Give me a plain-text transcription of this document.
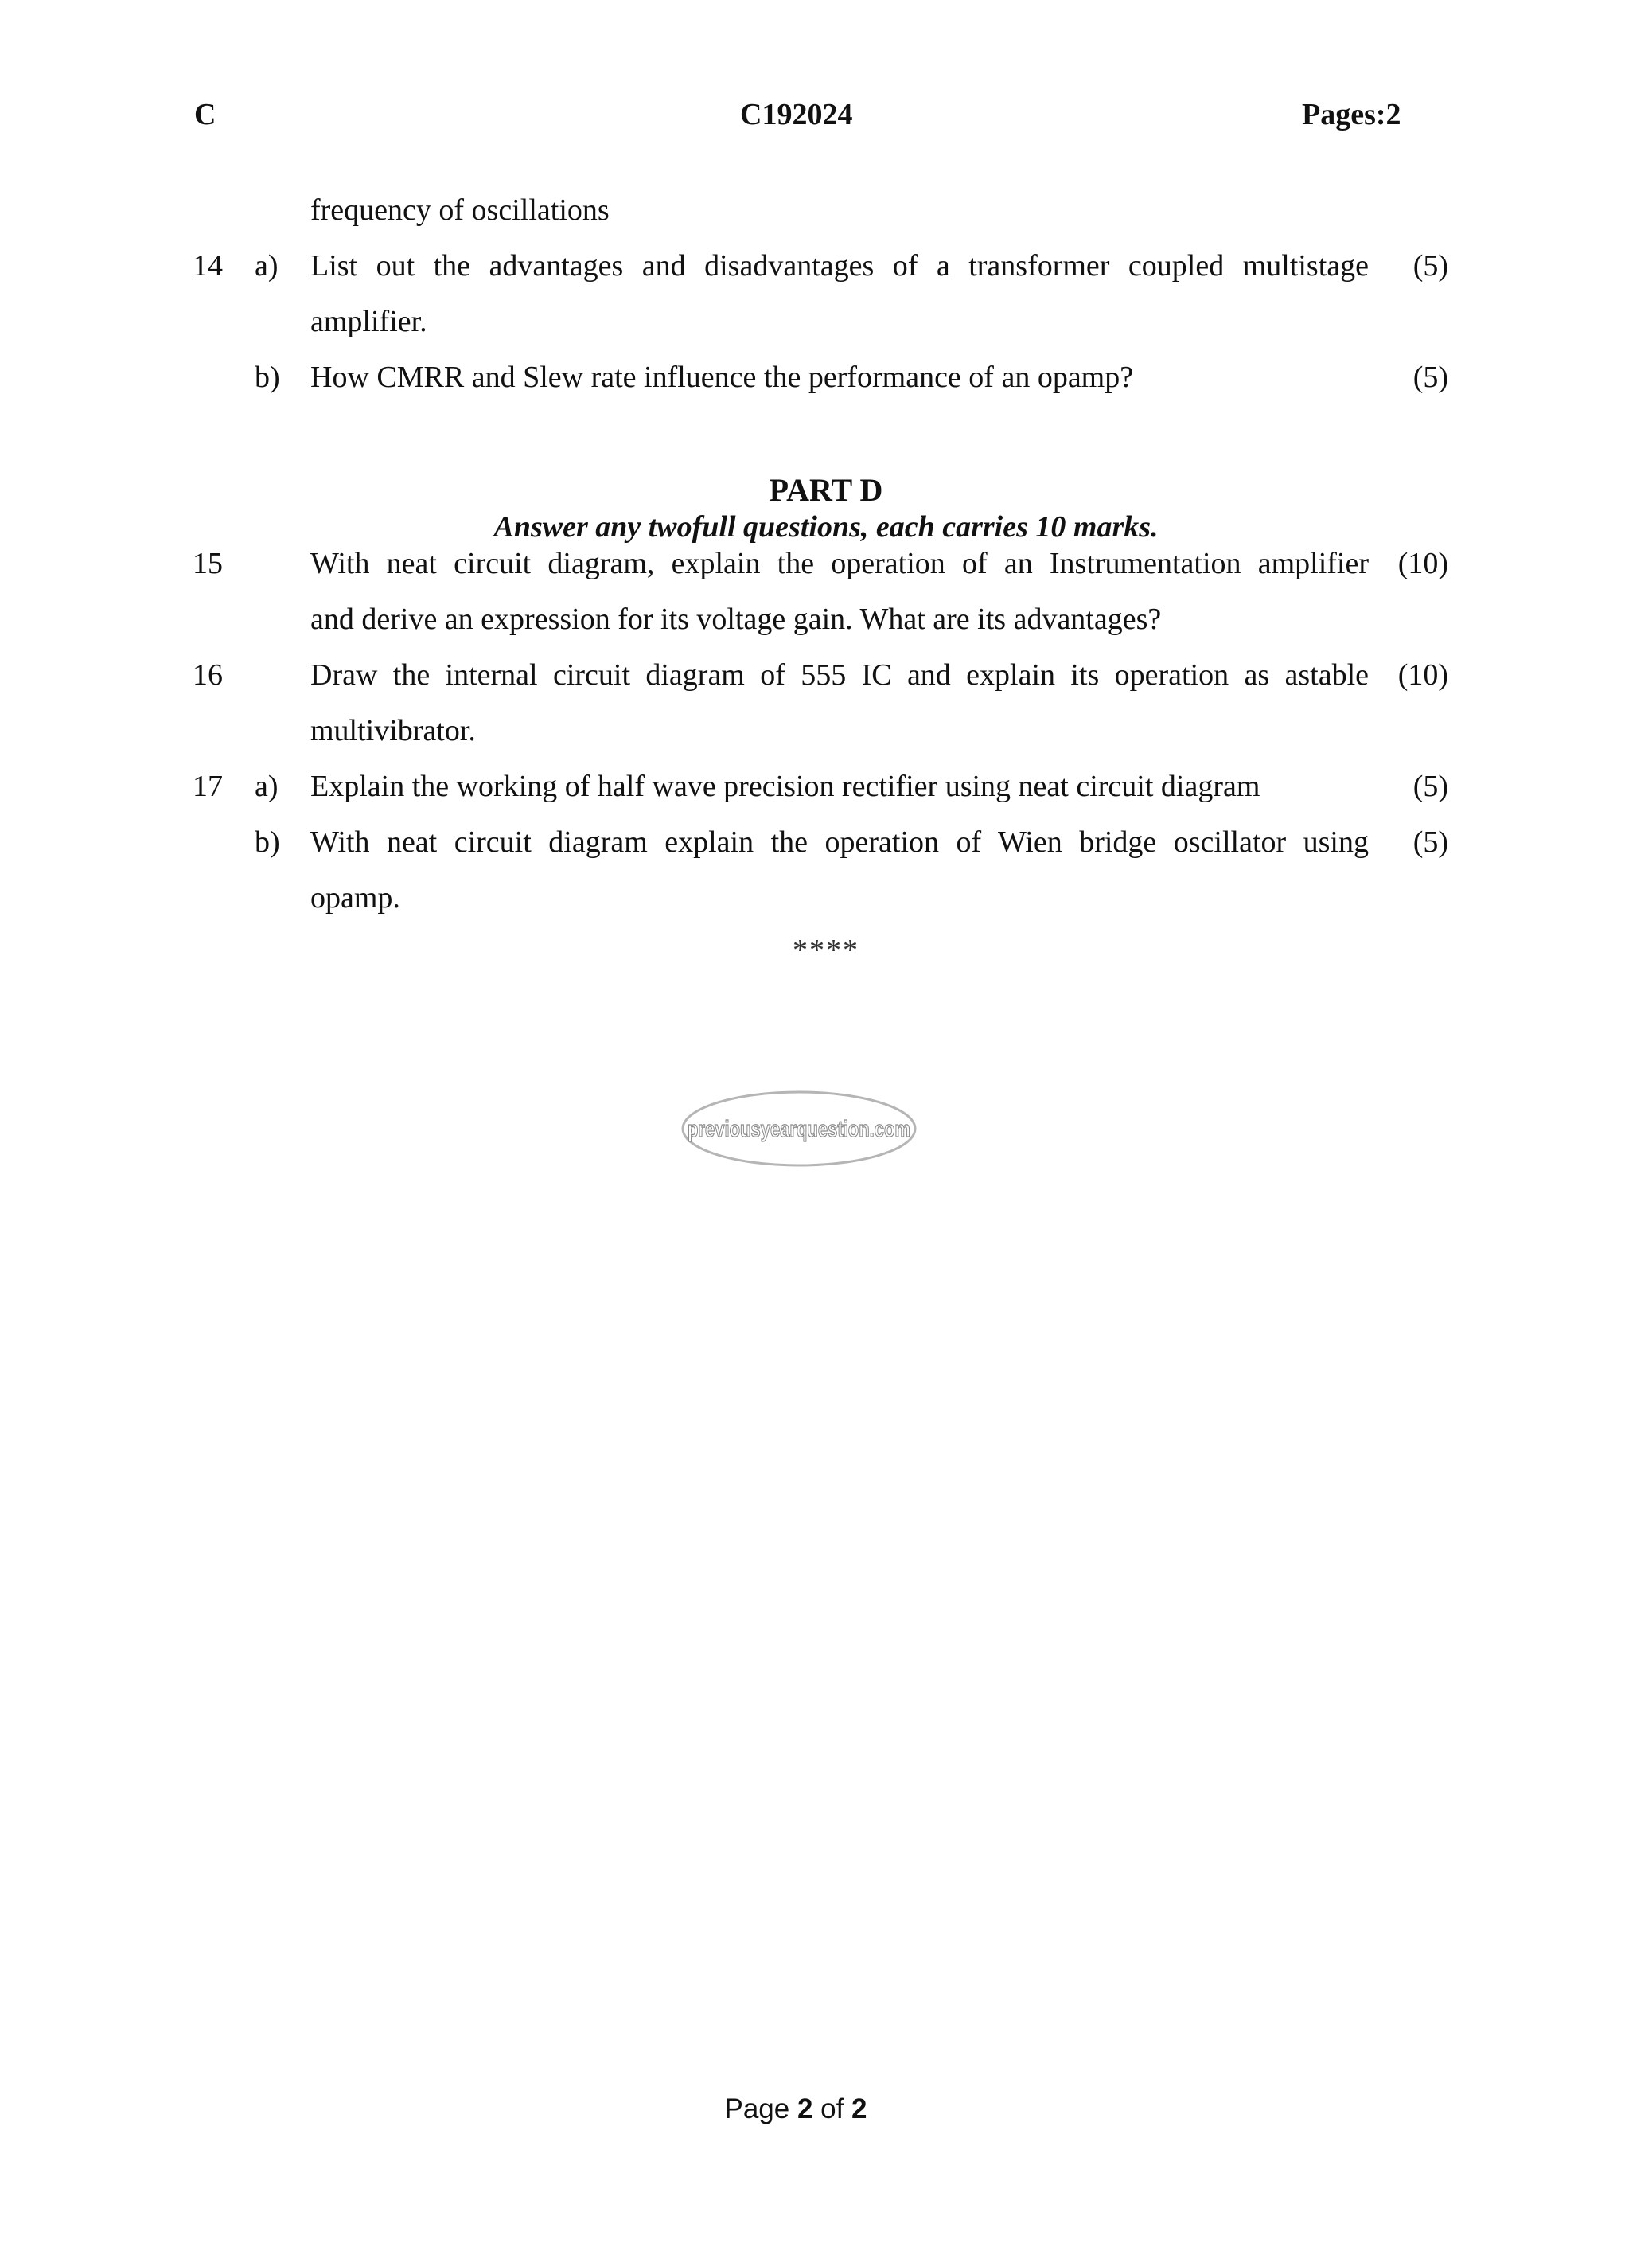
C	C192024	Pages:2
frequency of oscillations
14 a) List out the advantages and disadvantages of a transformer coupled multistage (5)
amplifier.
b) How CMRR and Slew rate influence the performance of an opamp?	(5)
PART D
Answer any twofull questions, each carries 10 marks.
15	With neat circuit diagram, explain the operation of an Instrumentation amplifier (10)
and derive an expression for its voltage gain. What are its advantages?
16	Draw the internal circuit diagram of 555 IC and explain its operation as astable (10)
multivibrator.
17 a) Explain the working of half wave precision rectifier using neat circuit diagram	(5)
b) With neat circuit diagram explain the operation of Wien bridge oscillator using (5)
opamp.
****
previousyearquestion.com
Page 2 of 2
